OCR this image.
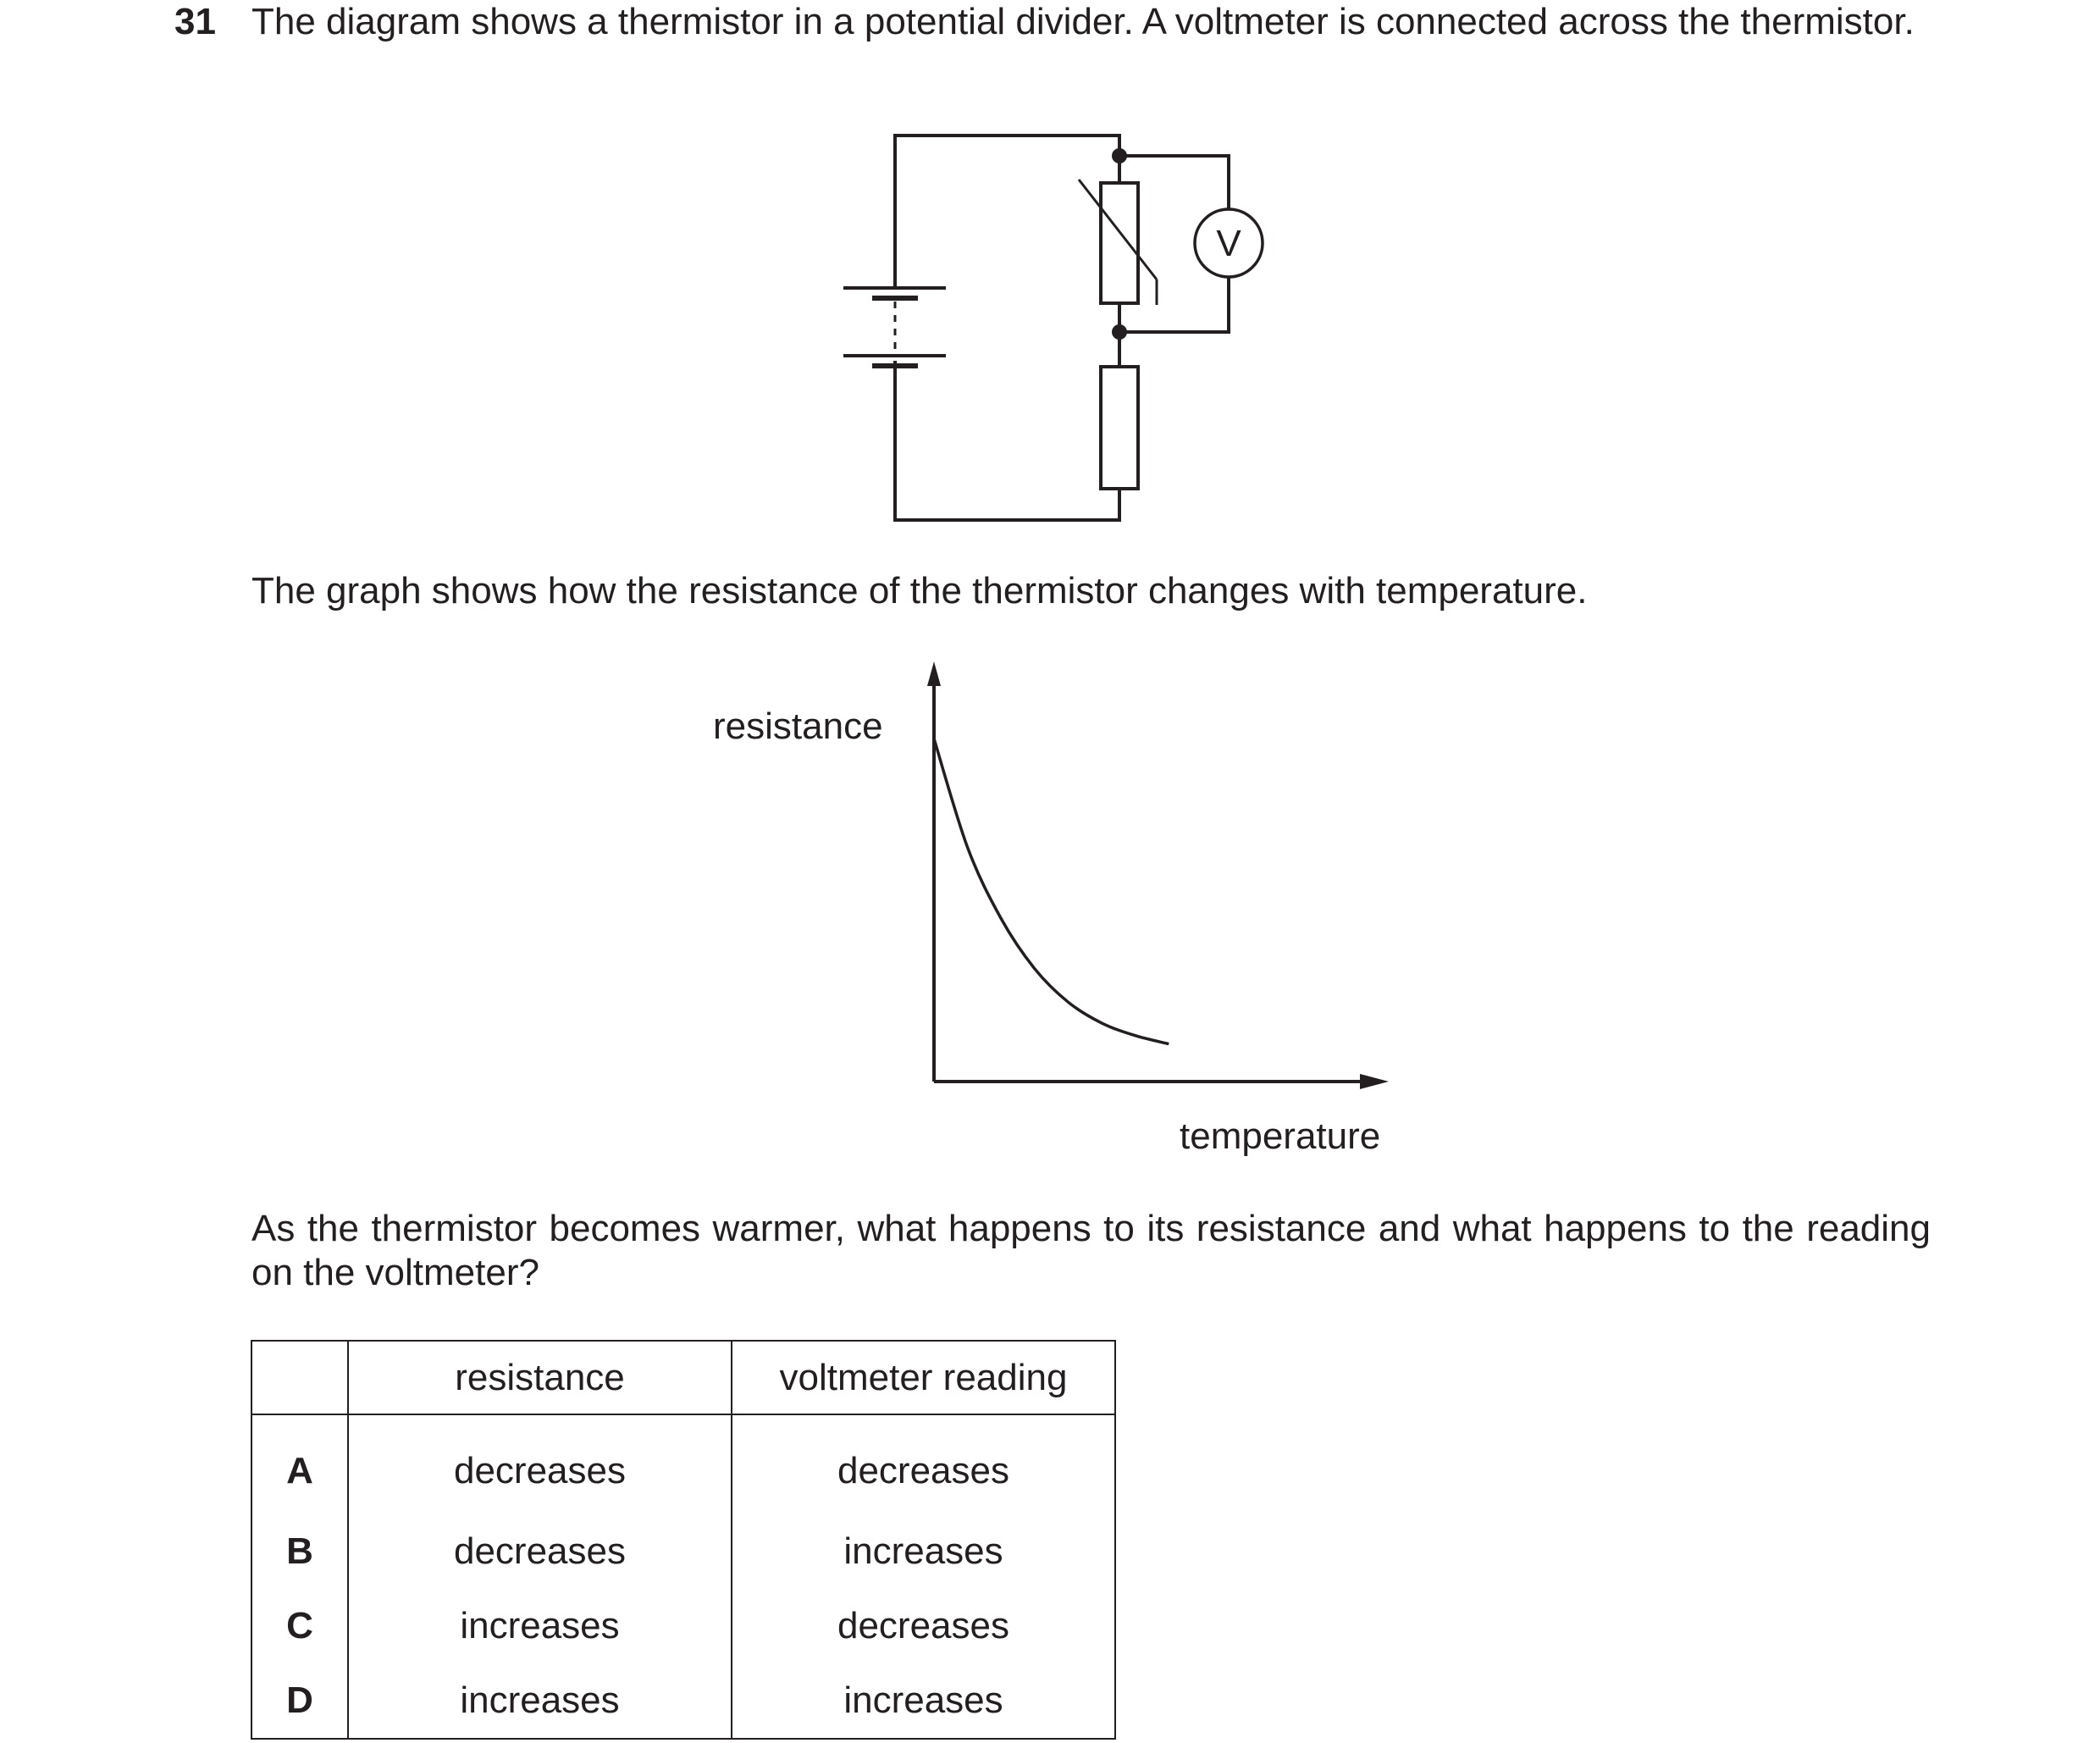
31 The diagram shows a thermistor in a potential divider. A voltmeter is connected across the thermistor.

V

The graph shows how the resistance of the thermistor changes with temperature.

resistance
temperature

As the thermistor becomes warmer, what happens to its resistance and what happens to the reading on the voltmeter?

	resistance	voltmeter reading
A	decreases	decreases
B	decreases	increases
C	increases	decreases
D	increases	increases
